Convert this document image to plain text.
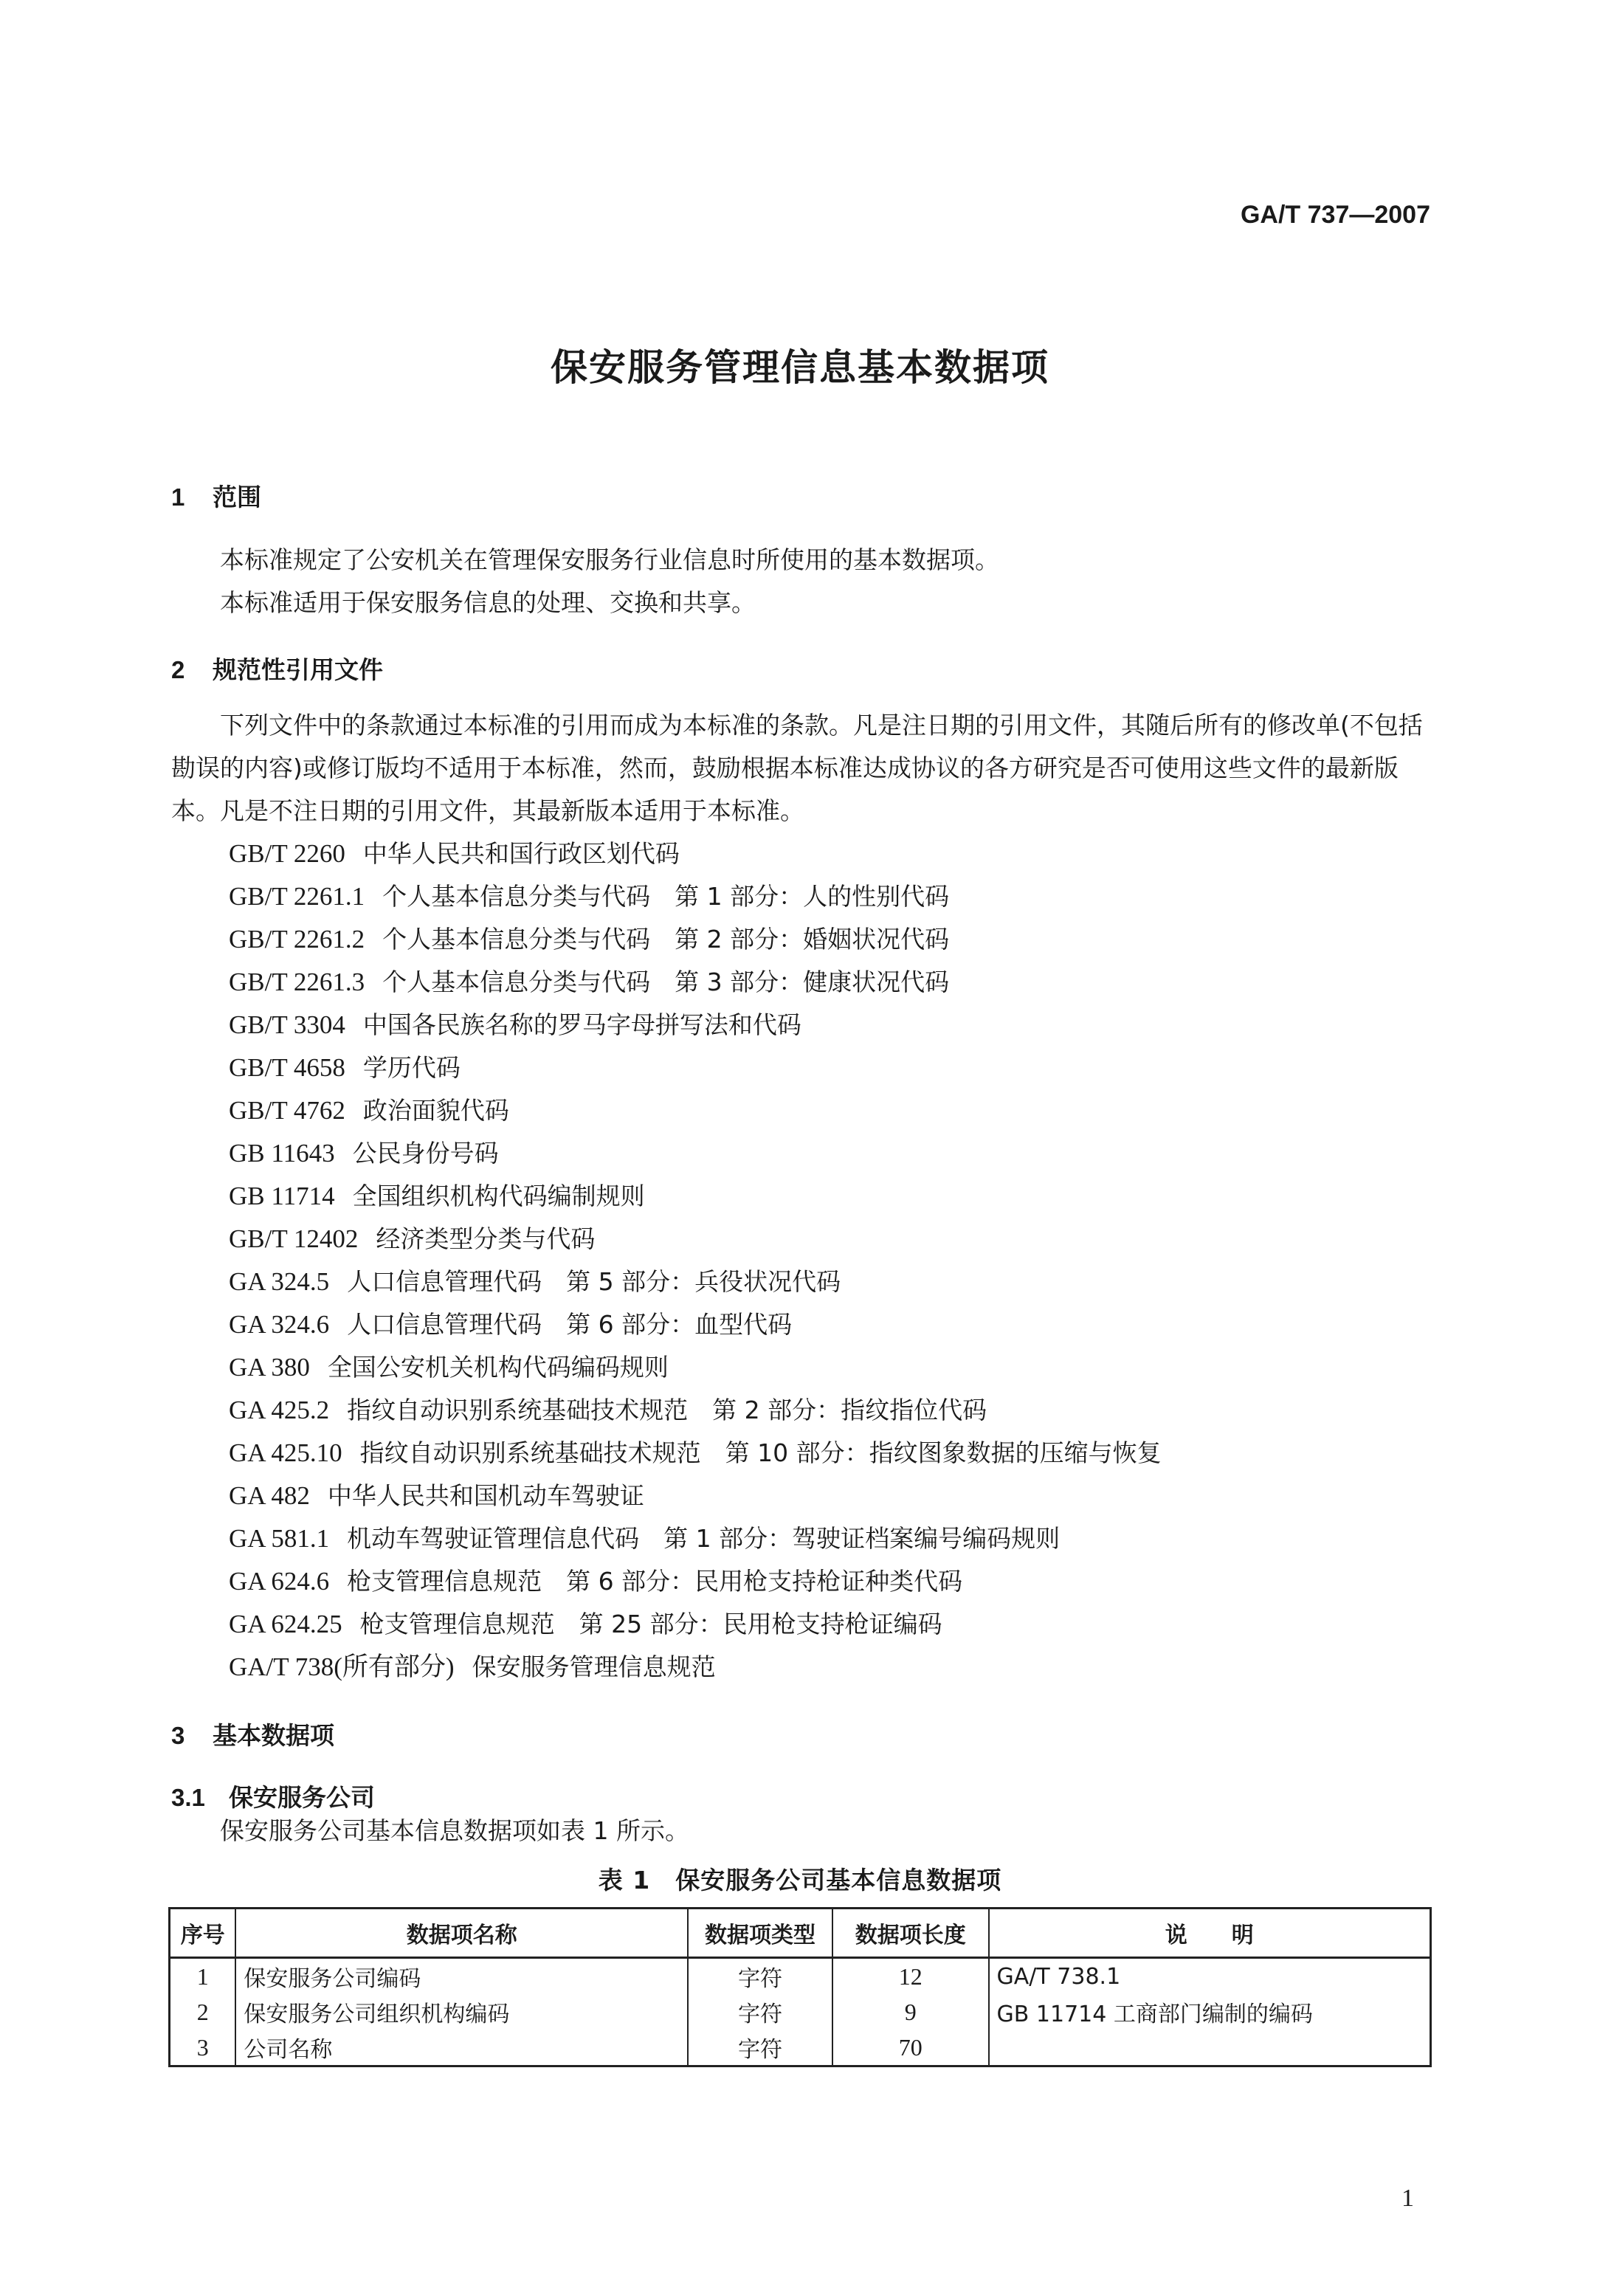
GA/T 737—2007
保安服务管理信息基本数据项
1 范围
本标准规定了公安机关在管理保安服务行业信息时所使用的基本数据项。
本标准适用于保安服务信息的处理、交换和共享。
2 规范性引用文件
下列文件中的条款通过本标准的引用而成为本标准的条款。凡是注日期的引用文件，其随后所有的修改单(不包括勘误的内容)或修订版均不适用于本标准，然而，鼓励根据本标准达成协议的各方研究是否可使用这些文件的最新版本。凡是不注日期的引用文件，其最新版本适用于本标准。
GB/T 2260 中华人民共和国行政区划代码
GB/T 2261.1 个人基本信息分类与代码　第 1 部分：人的性别代码
GB/T 2261.2 个人基本信息分类与代码　第 2 部分：婚姻状况代码
GB/T 2261.3 个人基本信息分类与代码　第 3 部分：健康状况代码
GB/T 3304 中国各民族名称的罗马字母拼写法和代码
GB/T 4658 学历代码
GB/T 4762 政治面貌代码
GB 11643 公民身份号码
GB 11714 全国组织机构代码编制规则
GB/T 12402 经济类型分类与代码
GA 324.5 人口信息管理代码　第 5 部分：兵役状况代码
GA 324.6 人口信息管理代码　第 6 部分：血型代码
GA 380 全国公安机关机构代码编码规则
GA 425.2 指纹自动识别系统基础技术规范　第 2 部分：指纹指位代码
GA 425.10 指纹自动识别系统基础技术规范　第 10 部分：指纹图象数据的压缩与恢复
GA 482 中华人民共和国机动车驾驶证
GA 581.1 机动车驾驶证管理信息代码　第 1 部分：驾驶证档案编号编码规则
GA 624.6 枪支管理信息规范　第 6 部分：民用枪支持枪证种类代码
GA 624.25 枪支管理信息规范　第 25 部分：民用枪支持枪证编码
GA/T 738(所有部分) 保安服务管理信息规范
3 基本数据项
3.1 保安服务公司
保安服务公司基本信息数据项如表 1 所示。
表 1　保安服务公司基本信息数据项
序号	数据项名称	数据项类型	数据项长度	说　　明
1	保安服务公司编码	字符	12	GA/T 738.1
2	保安服务公司组织机构编码	字符	9	GB 11714 工商部门编制的编码
3	公司名称	字符	70	
1
